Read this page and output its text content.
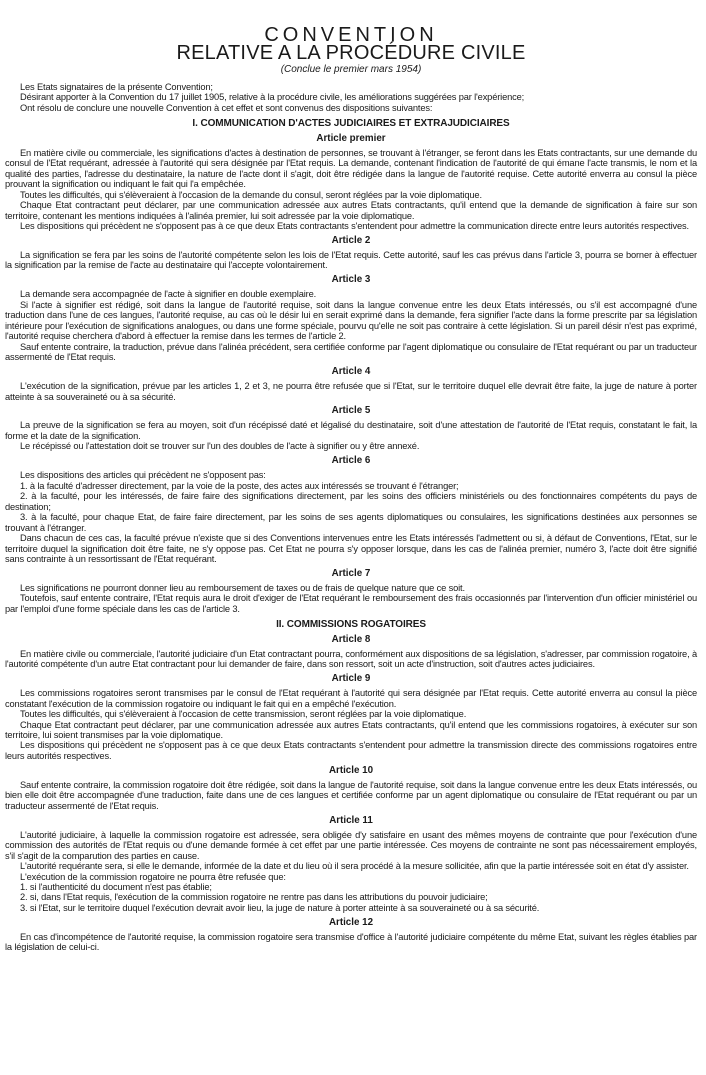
CONVENTION
RELATIVE A LA PROCÉDURE CIVILE
(Conclue le premier mars 1954)

Les Etats signataires de la présente Convention;

Désirant apporter à la Convention du 17 juillet 1905, relative à la procédure civile, les améliorations suggérées par l'expérience;

Ont résolu de conclure une nouvelle Convention à cet effet et sont convenus des dispositions suivantes:

I. COMMUNICATION D'ACTES JUDICIAIRES ET EXTRAJUDICIAIRES
Article premier

En matière civile ou commerciale, les significations d'actes à destination de personnes, se trouvant à l'étranger, se feront dans les Etats contractants, sur une demande du consul de l'Etat requérant, adressée à l'autorité qui sera désignée par l'Etat requis. La demande, contenant l'indication de l'autorité de qui émane l'acte transmis, le nom et la qualité des parties, l'adresse du destinataire, la nature de l'acte dont il s'agit, doit être rédigée dans la langue de l'autorité requise. Cette autorité enverra au consul la pièce prouvant la signification ou indiquant le fait qui l'a empêchée.

Toutes les difficultés, qui s'élèveraient à l'occasion de la demande du consul, seront réglées par la voie diplomatique.

Chaque Etat contractant peut déclarer, par une communication adressée aux autres Etats contractants, qu'il entend que la demande de signification à faire sur son territoire, contenant les mentions indiquées à l'alinéa premier, lui soit adressée par la voie diplomatique.

Les dispositions qui précèdent ne s'opposent pas à ce que deux Etats contractants s'entendent pour admettre la communication directe entre leurs autorités respectives.

Article 2

La signification se fera par les soins de l'autorité compétente selon les lois de l'Etat requis. Cette autorité, sauf les cas prévus dans l'article 3, pourra se borner à effectuer la signification par la remise de l'acte au destinataire qui l'accepte volontairement.

Article 3

La demande sera accompagnée de l'acte à signifier en double exemplaire.

Si l'acte à signifier est rédigé, soit dans la langue de l'autorité requise, soit dans la langue convenue entre les deux Etats intéressés, ou s'il est accompagné d'une traduction dans l'une de ces langues, l'autorité requise, au cas où le désir lui en serait exprimé dans la demande, fera signifier l'acte dans la forme prescrite par sa législation intérieure pour l'exécution de significations analogues, ou dans une forme spéciale, pourvu qu'elle ne soit pas contraire à cette législation. Si un pareil désir n'est pas exprimé, l'autorité requise cherchera d'abord à effectuer la remise dans les termes de l'article 2.

Sauf entente contraire, la traduction, prévue dans l'alinéa précédent, sera certifiée conforme par l'agent diplomatique ou consulaire de l'Etat requérant ou par un traducteur assermenté de l'Etat requis.

Article 4

L'exécution de la signification, prévue par les articles 1, 2 et 3, ne pourra être refusée que si l'Etat, sur le territoire duquel elle devrait être faite, la juge de nature à porter atteinte à sa souveraineté ou à sa sécurité.

Article 5

La preuve de la signification se fera au moyen, soit d'un récépissé daté et légalisé du destinataire, soit d'une attestation de l'autorité de l'Etat requis, constatant le fait, la forme et la date de la signification.

Le récépissé ou l'attestation doit se trouver sur l'un des doubles de l'acte à signifier ou y être annexé.

Article 6

Les dispositions des articles qui précèdent ne s'opposent pas:

1. à la faculté d'adresser directement, par la voie de la poste, des actes aux intéressés se trouvant é l'étranger;

2. à la faculté, pour les intéressés, de faire faire des significations directement, par les soins des officiers ministériels ou des fonctionnaires compétents du pays de destination;

3. à la faculté, pour chaque Etat, de faire faire directement, par les soins de ses agents diplomatiques ou consulaires, les significations destinées aux personnes se trouvant à l'étranger.

Dans chacun de ces cas, la faculté prévue n'existe que si des Conventions intervenues entre les Etats intéressés l'admettent ou si, à défaut de Conventions, l'Etat, sur le territoire duquel la signification doit être faite, ne s'y oppose pas. Cet Etat ne pourra s'y opposer lorsque, dans les cas de l'alinéa premier, numéro 3, l'acte doit être signifié sans contrainte à un ressortissant de l'Etat requérant.

Article 7

Les significations ne pourront donner lieu au remboursement de taxes ou de frais de quelque nature que ce soit.

Toutefois, sauf entente contraire, l'Etat requis aura le droit d'exiger de l'Etat requérant le remboursement des frais occasionnés par l'intervention d'un officier ministériel ou par l'emploi d'une forme spéciale dans les cas de l'article 3.

II. COMMISSIONS ROGATOIRES
Article 8

En matière civile ou commerciale, l'autorité judiciaire d'un Etat contractant pourra, conformément aux dispositions de sa législation, s'adresser, par commission rogatoire, à l'autorité compétente d'un autre Etat contractant pour lui demander de faire, dans son ressort, soit un acte d'instruction, soit d'autres actes judiciaires.

Article 9

Les commissions rogatoires seront transmises par le consul de l'Etat requérant à l'autorité qui sera désignée par l'Etat requis. Cette autorité enverra au consul la pièce constatant l'exécution de la commission rogatoire ou indiquant le fait qui en a empêché l'exécution.

Toutes les difficultés, qui s'élèveraient à l'occasion de cette transmission, seront réglées par la voie diplomatique.

Chaque Etat contractant peut déclarer, par une communication adressée aux autres Etats contractants, qu'il entend que les commissions rogatoires, à exécuter sur son territoire, lui soient transmises par la voie diplomatique.

Les dispositions qui précèdent ne s'opposent pas à ce que deux Etats contractants s'entendent pour admettre la transmission directe des commissions rogatoires entre leurs autorités respectives.

Article 10

Sauf entente contraire, la commission rogatoire doit être rédigée, soit dans la langue de l'autorité requise, soit dans la langue convenue entre les deux Etats intéressés, ou bien elle doit être accompagnée d'une traduction, faite dans une de ces langues et certifiée conforme par un agent diplomatique ou consulaire de l'Etat requérant ou par un traducteur assermenté de l'Etat requis.

Article 11

L'autorité judiciaire, à laquelle la commission rogatoire est adressée, sera obligée d'y satisfaire en usant des mêmes moyens de contrainte que pour l'exécution d'une commission des autorités de l'Etat requis ou d'une demande formée à cet effet par une partie intéressée. Ces moyens de contrainte ne sont pas nécessairement employés, s'il s'agit de la comparution des parties en cause.

L'autorité requérante sera, si elle le demande, informée de la date et du lieu où il sera procédé à la mesure sollicitée, afin que la partie intéressée soit en état d'y assister.

L'exécution de la commission rogatoire ne pourra être refusée que:

1. si l'authenticité du document n'est pas établie;

2. si, dans l'Etat requis, l'exécution de la commission rogatoire ne rentre pas dans les attributions du pouvoir judiciaire;

3. si l'Etat, sur le territoire duquel l'exécution devrait avoir lieu, la juge de nature à porter atteinte à sa souveraineté ou à sa sécurité.

Article 12

En cas d'incompétence de l'autorité requise, la commission rogatoire sera transmise d'office à l'autorité judiciaire compétente du même Etat, suivant les règles établies par la législation de celui-ci.
